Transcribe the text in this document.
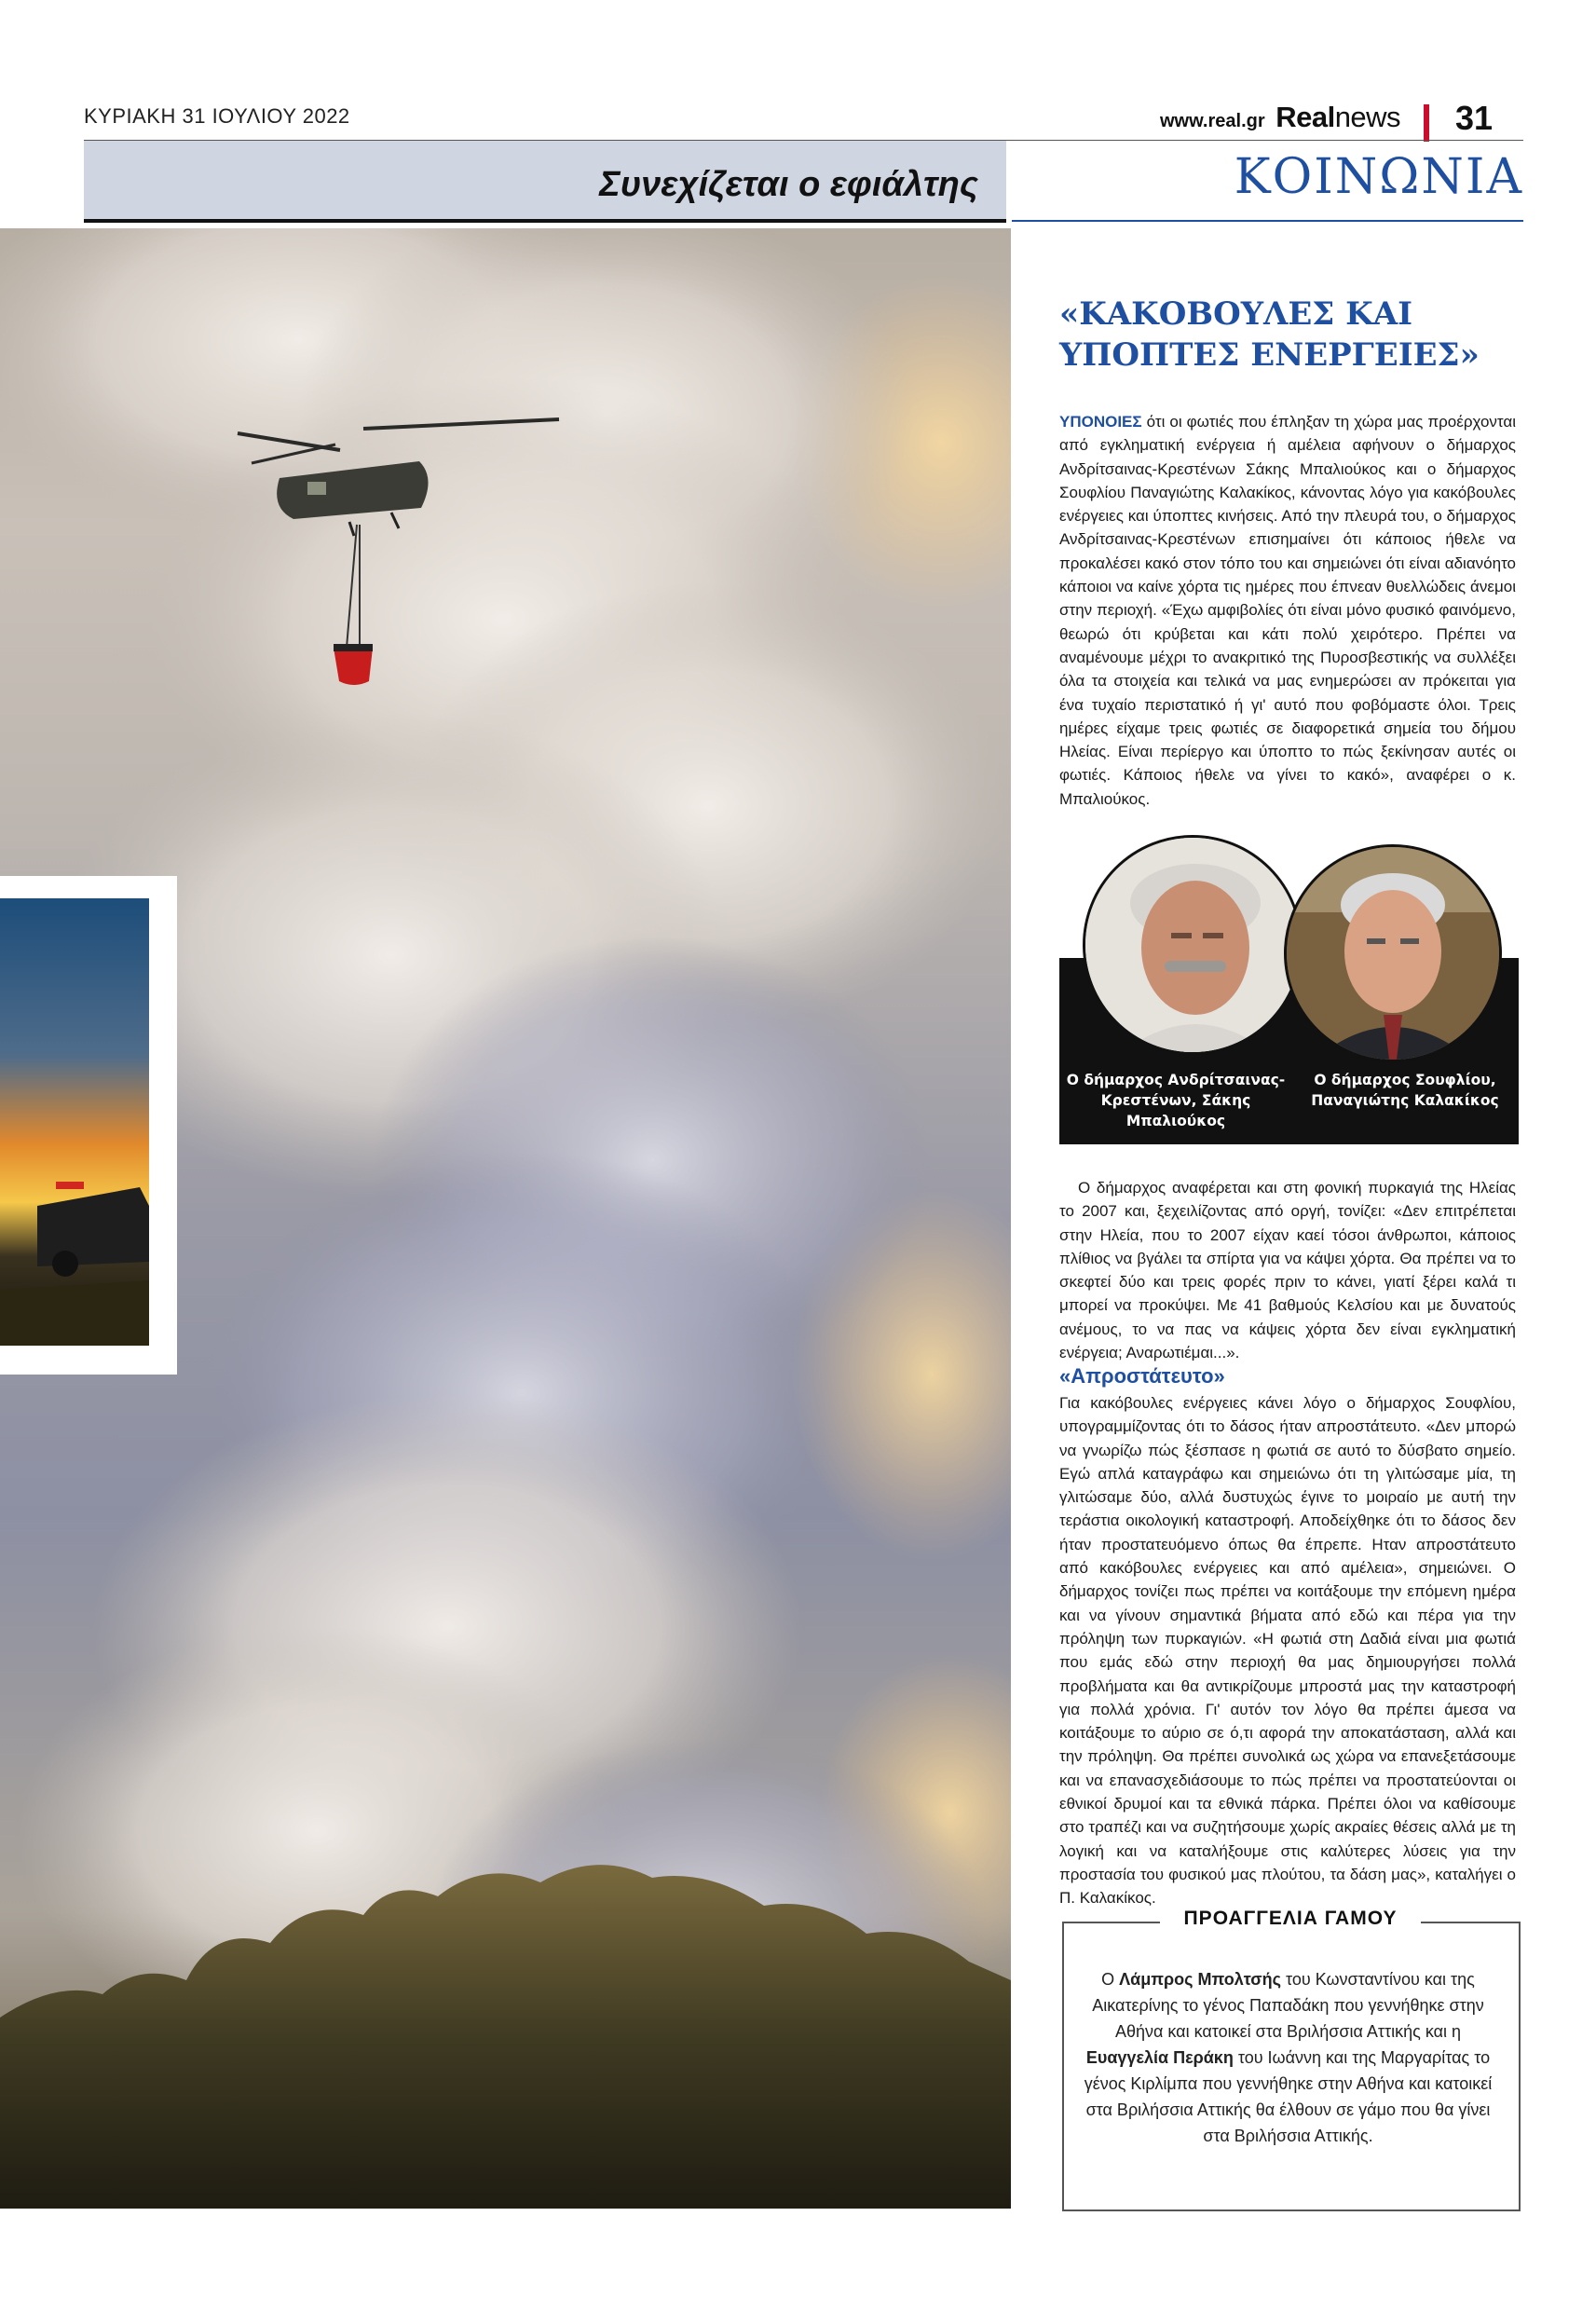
ΚΥΡΙΑΚΗ 31 ΙΟΥΛΙΟΥ 2022	www.real.gr Realnews 31
Συνεχίζεται ο εφιάλτης	ΚΟΙΝΩΝΙΑ
«ΚΑΚΟΒΟΥΛΕΣ ΚΑΙ ΥΠΟΠΤΕΣ ΕΝΕΡΓΕΙΕΣ»
ΥΠΟΝΟΙΕΣ ότι οι φωτιές που έπληξαν τη χώρα μας προέρχονται από εγκληματική ενέργεια ή αμέλεια αφήνουν ο δήμαρχος Ανδρίτσαινας-Κρεστένων Σάκης Μπαλιούκος και ο δήμαρχος Σουφλίου Παναγιώτης Καλακίκος, κάνοντας λόγο για κακόβουλες ενέργειες και ύποπτες κινήσεις. Από την πλευρά του, ο δήμαρχος Ανδρίτσαινας-Κρεστένων επισημαίνει ότι κάποιος ήθελε να προκαλέσει κακό στον τόπο του και σημειώνει ότι είναι αδιανόητο κάποιοι να καίνε χόρτα τις ημέρες που έπνεαν θυελλώδεις άνεμοι στην περιοχή. «Έχω αμφιβολίες ότι είναι μόνο φυσικό φαινόμενο, θεωρώ ότι κρύβεται και κάτι πολύ χειρότερο. Πρέπει να αναμένουμε μέχρι το ανακριτικό της Πυροσβεστικής να συλλέξει όλα τα στοιχεία και τελικά να μας ενημερώσει αν πρόκειται για ένα τυχαίο περιστατικό ή γι' αυτό που φοβόμαστε όλοι. Τρεις ημέρες είχαμε τρεις φωτιές σε διαφορετικά σημεία του δήμου Ηλείας. Είναι περίεργο και ύποπτο το πώς ξεκίνησαν αυτές οι φωτιές. Κάποιος ήθελε να γίνει το κακό», αναφέρει ο κ. Μπαλιούκος.
Ο δήμαρχος Ανδρίτσαινας-Κρεστένων, Σάκης Μπαλιούκος
Ο δήμαρχος Σουφλίου, Παναγιώτης Καλακίκος
Ο δήμαρχος αναφέρεται και στη φονική πυρκαγιά της Ηλείας το 2007 και, ξεχειλίζοντας από οργή, τονίζει: «Δεν επιτρέπεται στην Ηλεία, που το 2007 είχαν καεί τόσοι άνθρωποι, κάποιος πλίθιος να βγάλει τα σπίρτα για να κάψει χόρτα. Θα πρέπει να το σκεφτεί δύο και τρεις φορές πριν το κάνει, γιατί ξέρει καλά τι μπορεί να προκύψει. Με 41 βαθμούς Κελσίου και με δυνατούς ανέμους, το να πας να κάψεις χόρτα δεν είναι εγκληματική ενέργεια; Αναρωτιέμαι...».
«Απροστάτευτο»
Για κακόβουλες ενέργειες κάνει λόγο ο δήμαρχος Σουφλίου, υπογραμμίζοντας ότι το δάσος ήταν απροστάτευτο. «Δεν μπορώ να γνωρίζω πώς ξέσπασε η φωτιά σε αυτό το δύσβατο σημείο. Εγώ απλά καταγράφω και σημειώνω ότι τη γλιτώσαμε μία, τη γλιτώσαμε δύο, αλλά δυστυχώς έγινε το μοιραίο με αυτή την τεράστια οικολογική καταστροφή. Αποδείχθηκε ότι το δάσος δεν ήταν προστατευόμενο όπως θα έπρεπε. Ηταν απροστάτευτο από κακόβουλες ενέργειες και από αμέλεια», σημειώνει. Ο δήμαρχος τονίζει πως πρέπει να κοιτάξουμε την επόμενη ημέρα και να γίνουν σημαντικά βήματα από εδώ και πέρα για την πρόληψη των πυρκαγιών. «Η φωτιά στη Δαδιά είναι μια φωτιά που εμάς εδώ στην περιοχή θα μας δημιουργήσει πολλά προβλήματα και θα αντικρίζουμε μπροστά μας την καταστροφή για πολλά χρόνια. Γι' αυτόν τον λόγο θα πρέπει άμεσα να κοιτάξουμε το αύριο σε ό,τι αφορά την αποκατάσταση, αλλά και την πρόληψη. Θα πρέπει συνολικά ως χώρα να επανεξετάσουμε και να επανασχεδιάσουμε το πώς πρέπει να προστατεύονται οι εθνικοί δρυμοί και τα εθνικά πάρκα. Πρέπει όλοι να καθίσουμε στο τραπέζι και να συζητήσουμε χωρίς ακραίες θέσεις αλλά με τη λογική και να καταλήξουμε στις καλύτερες λύσεις για την προστασία του φυσικού μας πλούτου, τα δάση μας», καταλήγει ο Π. Καλακίκος.
ΠΡΟΑΓΓΕΛΙΑ ΓΑΜΟΥ
Ο Λάμπρος Μπολτσής του Κωνσταντίνου και της Αικατερίνης το γένος Παπαδάκη που γεννήθηκε στην Αθήνα και κατοικεί στα Βριλήσσια Αττικής και η Ευαγγελία Περάκη του Ιωάννη και της Μαργαρίτας το γένος Κιρλίμπα που γεννήθηκε στην Αθήνα και κατοικεί στα Βριλήσσια Αττικής θα έλθουν σε γάμο που θα γίνει στα Βριλήσσια Αττικής.
